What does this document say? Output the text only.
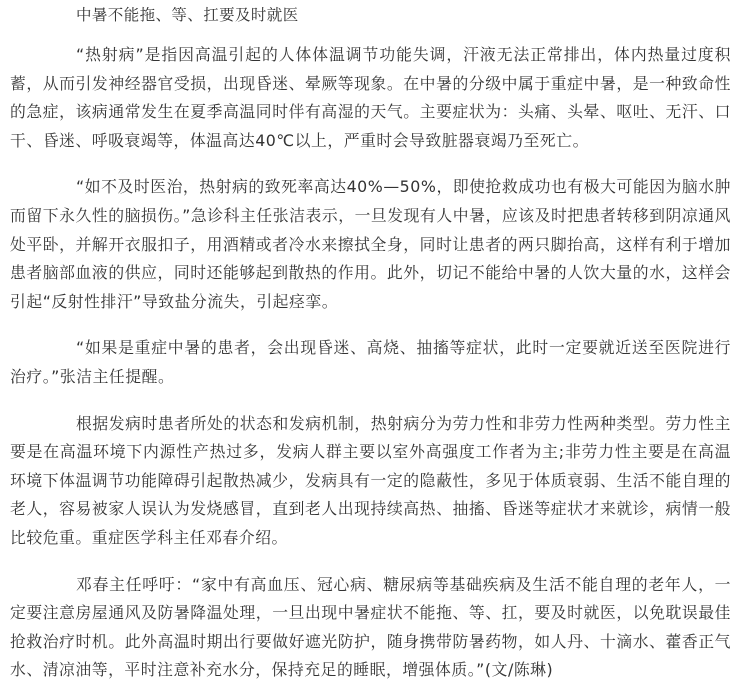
中暑不能拖、等、扛要及时就医

“热射病”是指因高温引起的人体体温调节功能失调，汗液无法正常排出，体内热量过度积蓄，从而引发神经器官受损，出现昏迷、晕厥等现象。在中暑的分级中属于重症中暑，是一种致命性的急症，该病通常发生在夏季高温同时伴有高湿的天气。主要症状为：头痛、头晕、呕吐、无汗、口干、昏迷、呼吸衰竭等，体温高达40℃以上，严重时会导致脏器衰竭乃至死亡。

“如不及时医治，热射病的致死率高达40%—50%，即使抢救成功也有极大可能因为脑水肿而留下永久性的脑损伤。”急诊科主任张洁表示，一旦发现有人中暑，应该及时把患者转移到阴凉通风处平卧，并解开衣服扣子，用酒精或者冷水来擦拭全身，同时让患者的两只脚抬高，这样有利于增加患者脑部血液的供应，同时还能够起到散热的作用。此外，切记不能给中暑的人饮大量的水，这样会引起“反射性排汗”导致盐分流失，引起痉挛。

“如果是重症中暑的患者，会出现昏迷、高烧、抽搐等症状，此时一定要就近送至医院进行治疗。”张洁主任提醒。

根据发病时患者所处的状态和发病机制，热射病分为劳力性和非劳力性两种类型。劳力性主要是在高温环境下内源性产热过多，发病人群主要以室外高强度工作者为主;非劳力性主要是在高温环境下体温调节功能障碍引起散热减少，发病具有一定的隐蔽性，多见于体质衰弱、生活不能自理的老人，容易被家人误认为发烧感冒，直到老人出现持续高热、抽搐、昏迷等症状才来就诊，病情一般比较危重。重症医学科主任邓春介绍。

邓春主任呼吁：“家中有高血压、冠心病、糖尿病等基础疾病及生活不能自理的老年人，一定要注意房屋通风及防暑降温处理，一旦出现中暑症状不能拖、等、扛，要及时就医，以免耽误最佳抢救治疗时机。此外高温时期出行要做好遮光防护，随身携带防暑药物，如人丹、十滴水、藿香正气水、清凉油等，平时注意补充水分，保持充足的睡眠，增强体质。”(文/陈琳)
